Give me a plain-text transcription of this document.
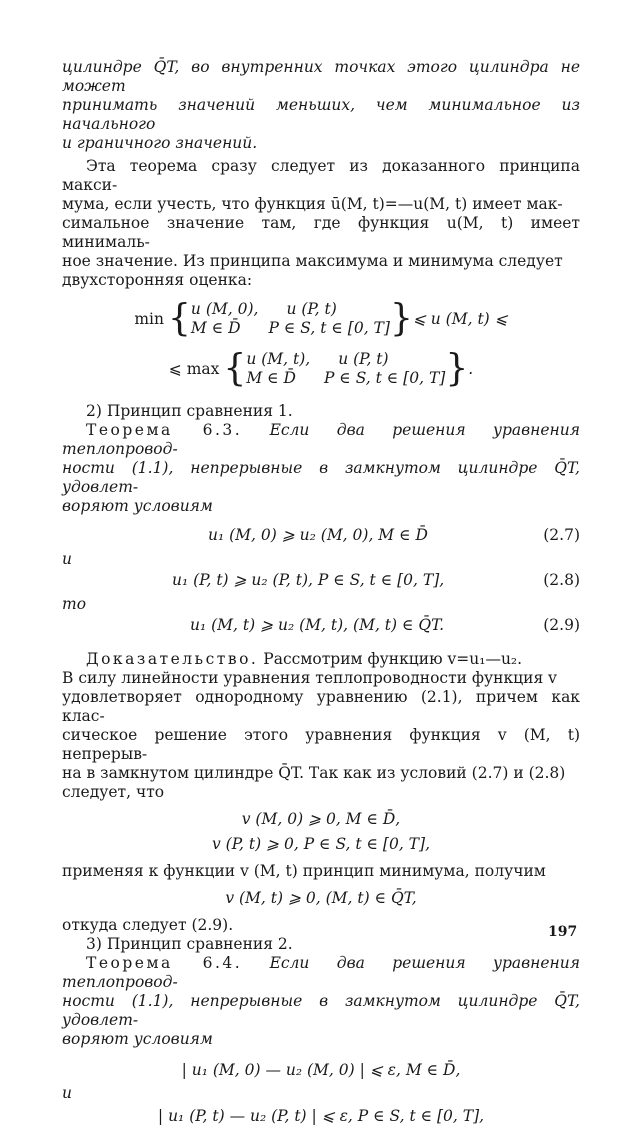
цилиндре Q̄T, во внутренних точках этого цилиндра не может

принимать значений меньших, чем минимальное из начального

и граничного значений.

Эта теорема сразу следует из доказанного принципа макси-

мума, если учесть, что функция ū(M, t)=—u(M, t) имеет мак-

симальное значение там, где функция u(M, t) имеет минималь-

ное значение. Из принципа максимума и минимума следует

двухсторонняя оценка:

min { u (M, 0), u (P, t)
M ∈ D̄ P ∈ S, t ∈ [0, T] } ⩽ u (M, t) ⩽
⩽ max { u (M, t), u (P, t)
M ∈ D̄ P ∈ S, t ∈ [0, T] } .

2) Принцип сравнения 1.

Теорема 6.3. Если два решения уравнения теплопровод-

ности (1.1), непрерывные в замкнутом цилиндре Q̄T, удовлет-

воряют условиям

u₁ (M, 0) ⩾ u₂ (M, 0), M ∈ D̄	(2.7)

и

u₁ (P, t) ⩾ u₂ (P, t), P ∈ S, t ∈ [0, T],	(2.8)

то

u₁ (M, t) ⩾ u₂ (M, t), (M, t) ∈ Q̄T.	(2.9)

Доказательство. Рассмотрим функцию v=u₁—u₂.

В силу линейности уравнения теплопроводности функция v

удовлетворяет однородному уравнению (2.1), причем как клас-

сическое решение этого уравнения функция v (M, t) непрерыв-

на в замкнутом цилиндре Q̄T. Так как из условий (2.7) и (2.8)

следует, что

v (M, 0) ⩾ 0, M ∈ D̄,
v (P, t) ⩾ 0, P ∈ S, t ∈ [0, T],

применяя к функции v (M, t) принцип минимума, получим

v (M, t) ⩾ 0, (M, t) ∈ Q̄T,

откуда следует (2.9).

3) Принцип сравнения 2.

Теорема 6.4. Если два решения уравнения теплопровод-

ности (1.1), непрерывные в замкнутом цилиндре Q̄T, удовлет-

воряют условиям

| u₁ (M, 0) — u₂ (M, 0) | ⩽ ε, M ∈ D̄,

и

| u₁ (P, t) — u₂ (P, t) | ⩽ ε, P ∈ S, t ∈ [0, T],
197
